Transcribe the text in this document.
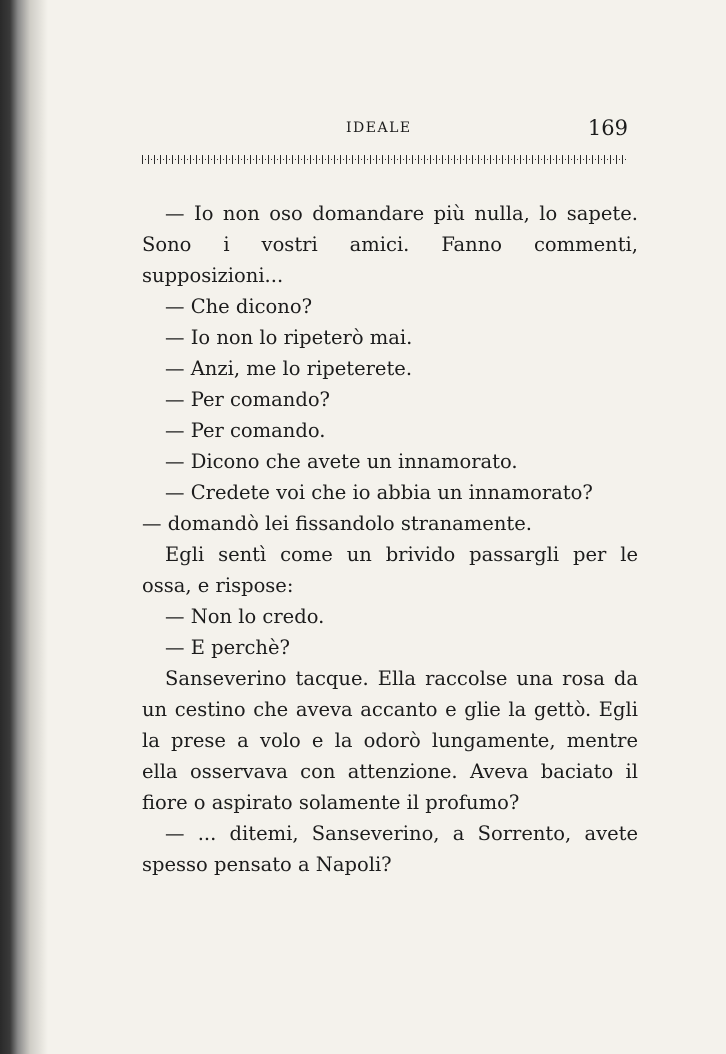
IDEALE	169

— Io non oso domandare più nulla, lo sapete. Sono i vostri amici. Fanno commenti, supposizioni...

— Che dicono?

— Io non lo ripeterò mai.

— Anzi, me lo ripeterete.

— Per comando?

— Per comando.

— Dicono che avete un innamorato.

— Credete voi che io abbia un innamorato?

— domandò lei fissandolo stranamente.

Egli sentì come un brivido passargli per le ossa, e rispose:

— Non lo credo.

— E perchè?

Sanseverino tacque. Ella raccolse una rosa da un cestino che aveva accanto e glie la gettò. Egli la prese a volo e la odorò lungamente, mentre ella osservava con attenzione. Aveva baciato il fiore o aspirato solamente il profumo?

— ... ditemi, Sanseverino, a Sorrento, avete spesso pensato a Napoli?
